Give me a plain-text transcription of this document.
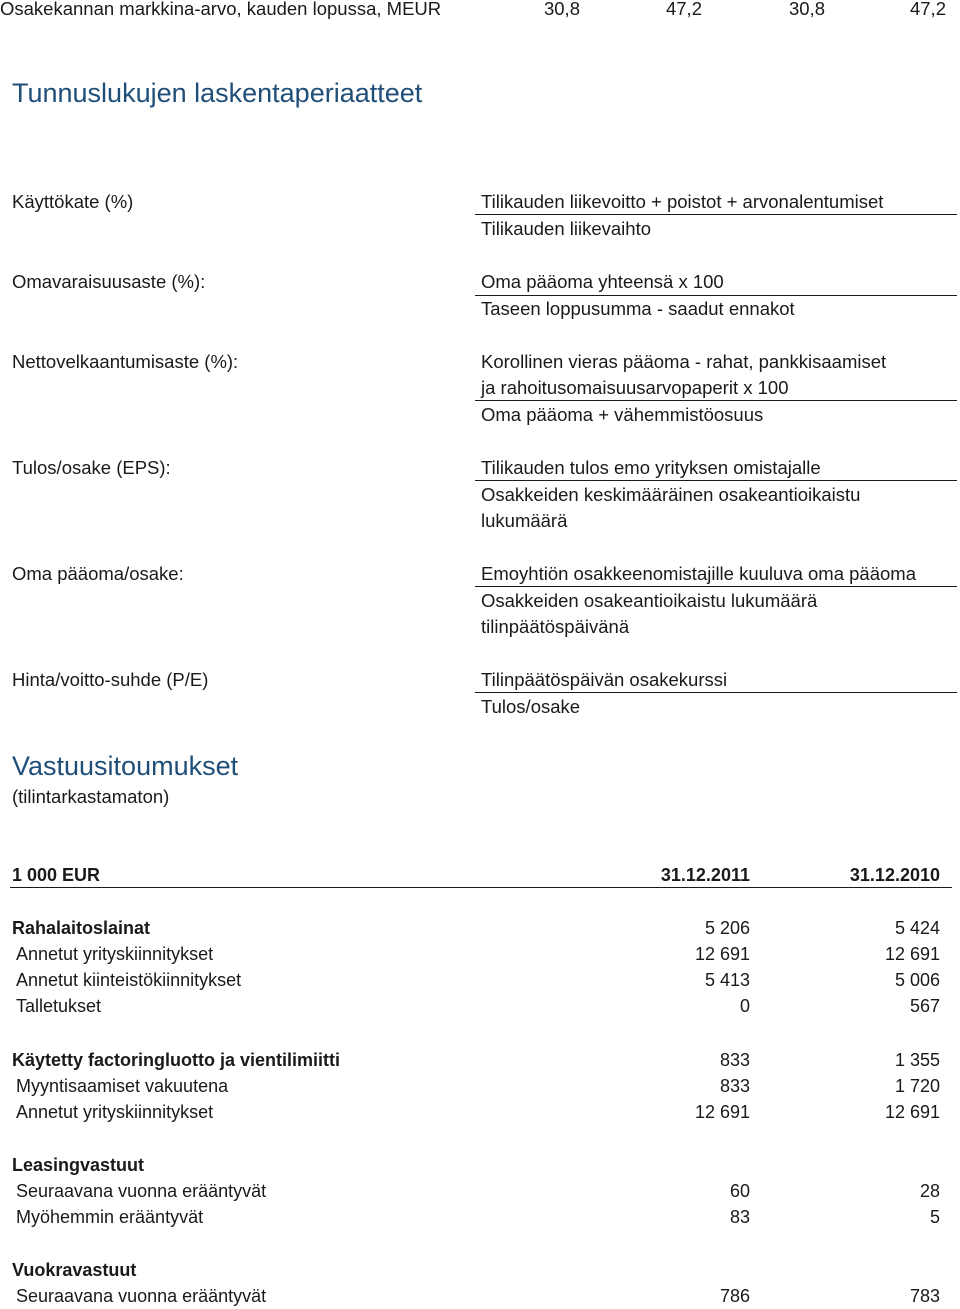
Osakekannan markkina-arvo, kauden lopussa, MEUR	30,8	47,2	30,8	47,2
Tunnuslukujen laskentaperiaatteet
Käyttökate (%)	Tilikauden liikevoitto + poistot + arvonalentumiset
Tilikauden liikevaihto
Omavaraisuusaste (%):	Oma pääoma yhteensä x 100
Taseen loppusumma - saadut ennakot
Nettovelkaantumisaste (%):	Korollinen vieras pääoma - rahat, pankkisaamiset
ja rahoitusomaisuusarvopaperit x 100
Oma pääoma + vähemmistöosuus
Tulos/osake (EPS):	Tilikauden tulos emo yrityksen omistajalle
Osakkeiden keskimääräinen osakeantioikaistu
lukumäärä
Oma pääoma/osake:	Emoyhtiön osakkeenomistajille kuuluva oma pääoma
Osakkeiden osakeantioikaistu lukumäärä
tilinpäätöspäivänä
Hinta/voitto-suhde (P/E)	Tilinpäätöspäivän osakekurssi
Tulos/osake
Vastuusitoumukset
(tilintarkastamaton)
1 000 EUR	31.12.2011	31.12.2010
Rahalaitoslainat	5 206	5 424
Annetut yrityskiinnitykset	12 691	12 691
Annetut kiinteistökiinnitykset	5 413	5 006
Talletukset	0	567
Käytetty factoringluotto ja vientilimiitti	833	1 355
Myyntisaamiset vakuutena	833	1 720
Annetut yrityskiinnitykset	12 691	12 691
Leasingvastuut
Seuraavana vuonna erääntyvät	60	28
Myöhemmin erääntyvät	83	5
Vuokravastuut
Seuraavana vuonna erääntyvät	786	783
